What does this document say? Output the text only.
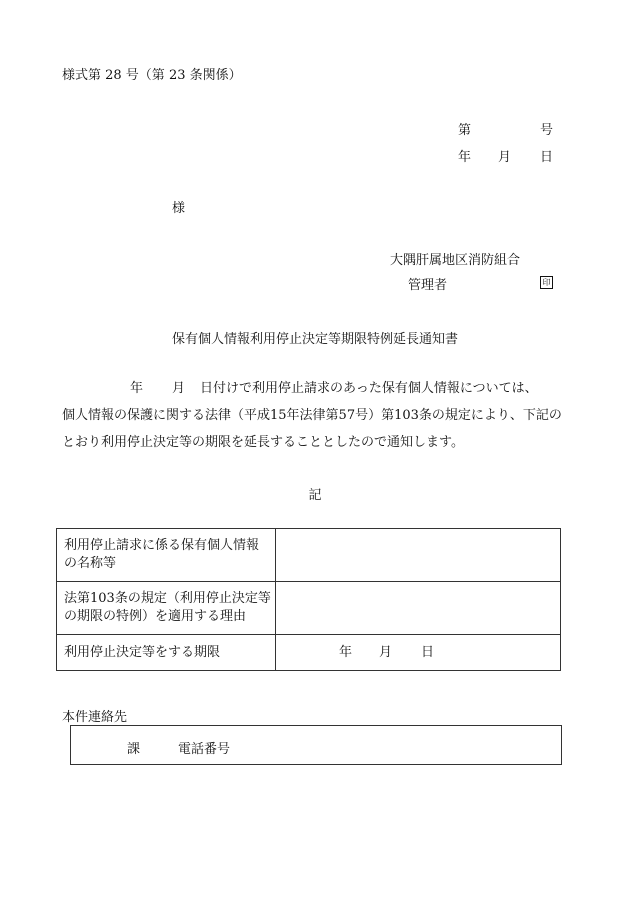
様式第 28 号（第 23 条関係）
第	号
年 月 日
様
大隅肝属地区消防組合
管理者	印
保有個人情報利用停止決定等期限特例延長通知書
年 月 日付けで利用停止請求のあった保有個人情報については、
個人情報の保護に関する法律（平成15年法律第57号）第103条の規定により、下記の
とおり利用停止決定等の期限を延長することとしたので通知します。
記
利用停止請求に係る保有個人情報
の名称等	

法第103条の規定（利用停止決定等
の期限の特例）を適用する理由	

利用停止決定等をする期限	年 月 日
本件連絡先
課	電話番号
